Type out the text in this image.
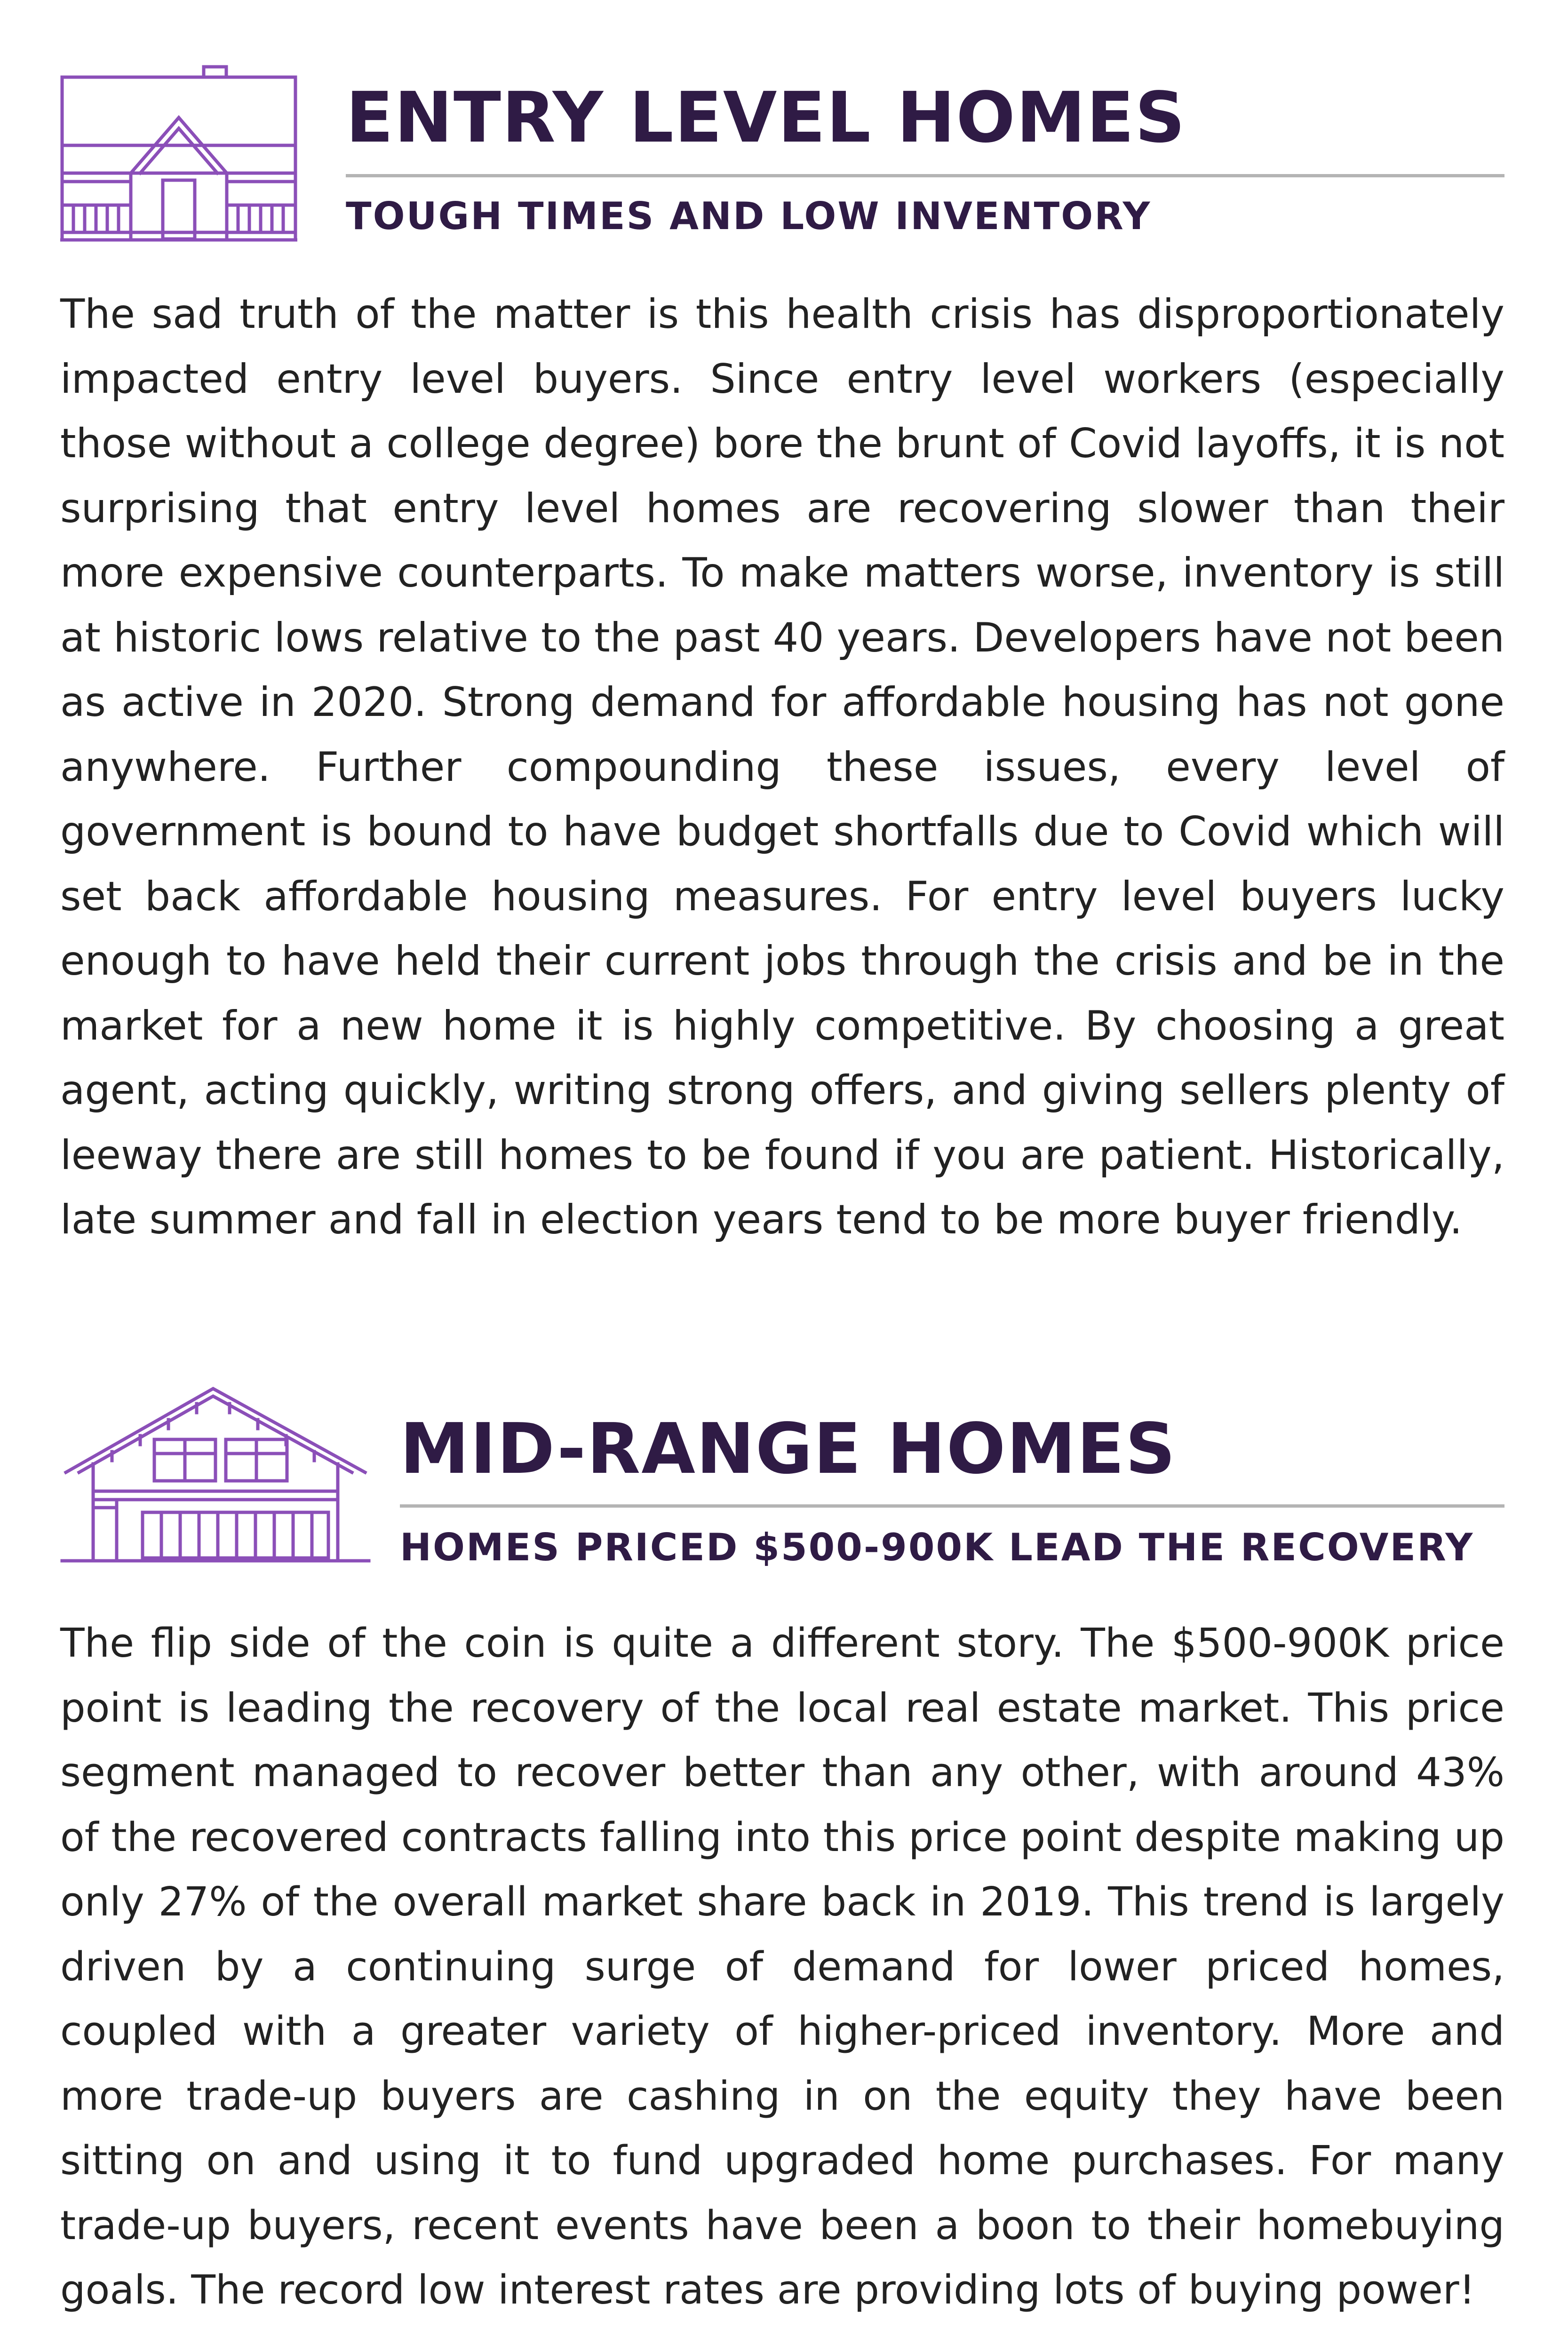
ENTRY LEVEL HOMES
TOUGH TIMES AND LOW INVENTORY

The sad truth of the matter is this health crisis has disproportionately impacted entry level buyers. Since entry level workers (especially those without a college degree) bore the brunt of Covid layoffs, it is not surprising that entry level homes are recovering slower than their more expensive counterparts. To make matters worse, inventory is still at historic lows relative to the past 40 years. Developers have not been as active in 2020. Strong demand for affordable housing has not gone anywhere. Further compounding these issues, every level of government is bound to have budget shortfalls due to Covid which will set back affordable housing measures. For entry level buyers lucky enough to have held their current jobs through the crisis and be in the market for a new home it is highly competitive. By choosing a great agent, acting quickly, writing strong offers, and giving sellers plenty of leeway there are still homes to be found if you are patient. Historically, late summer and fall in election years tend to be more buyer friendly.

MID-RANGE HOMES
HOMES PRICED $500-900K LEAD THE RECOVERY

The flip side of the coin is quite a different story. The $500-900K price point is leading the recovery of the local real estate market. This price segment managed to recover better than any other, with around 43% of the recovered contracts falling into this price point despite making up only 27% of the overall market share back in 2019. This trend is largely driven by a continuing surge of demand for lower priced homes, coupled with a greater variety of higher-priced inventory. More and more trade-up buyers are cashing in on the equity they have been sitting on and using it to fund upgraded home purchases. For many trade-up buyers, recent events have been a boon to their homebuying goals. The record low interest rates are providing lots of buying power!
